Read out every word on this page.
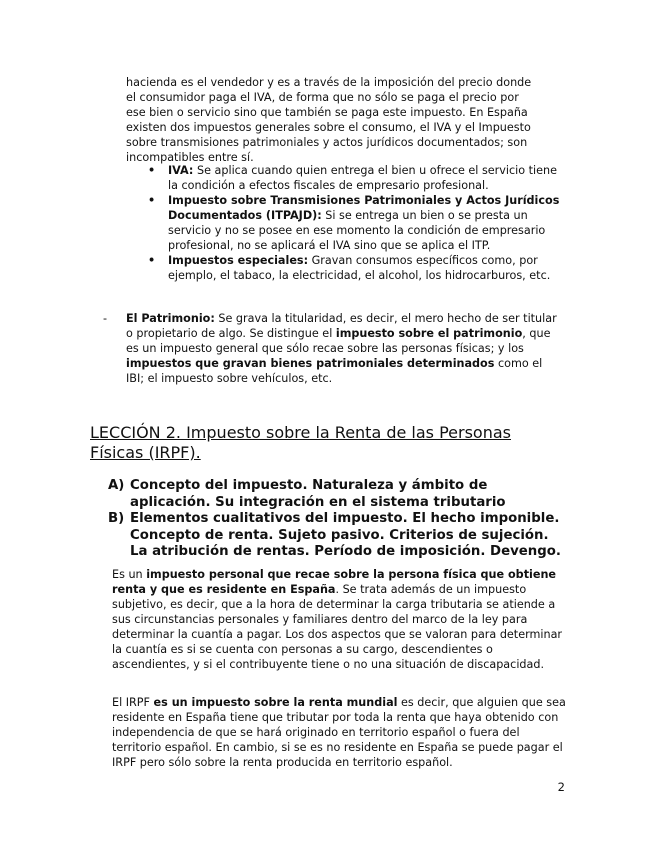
hacienda es el vendedor y es a través de la imposición del precio donde
el consumidor paga el IVA, de forma que no sólo se paga el precio por
ese bien o servicio sino que también se paga este impuesto. En España
existen dos impuestos generales sobre el consumo, el IVA y el Impuesto
sobre transmisiones patrimoniales y actos jurídicos documentados; son
incompatibles entre sí.
• IVA: Se aplica cuando quien entrega el bien u ofrece el servicio tiene la condición a efectos fiscales de empresario profesional.
• Impuesto sobre Transmisiones Patrimoniales y Actos Jurídicos Documentados (ITPAJD): Si se entrega un bien o se presta un servicio y no se posee en ese momento la condición de empresario profesional, no se aplicará el IVA sino que se aplica el ITP.
• Impuestos especiales: Gravan consumos específicos como, por ejemplo, el tabaco, la electricidad, el alcohol, los hidrocarburos, etc.
- El Patrimonio: Se grava la titularidad, es decir, el mero hecho de ser titular o propietario de algo. Se distingue el impuesto sobre el patrimonio, que es un impuesto general que sólo recae sobre las personas físicas; y los impuestos que gravan bienes patrimoniales determinados como el IBI; el impuesto sobre vehículos, etc.
LECCIÓN 2. Impuesto sobre la Renta de las Personas Físicas (IRPF).
A) Concepto del impuesto. Naturaleza y ámbito de aplicación. Su integración en el sistema tributario
B) Elementos cualitativos del impuesto. El hecho imponible. Concepto de renta. Sujeto pasivo. Criterios de sujeción. La atribución de rentas. Período de imposición. Devengo.
Es un impuesto personal que recae sobre la persona física que obtiene renta y que es residente en España. Se trata además de un impuesto subjetivo, es decir, que a la hora de determinar la carga tributaria se atiende a sus circunstancias personales y familiares dentro del marco de la ley para determinar la cuantía a pagar. Los dos aspectos que se valoran para determinar la cuantía es si se cuenta con personas a su cargo, descendientes o ascendientes, y si el contribuyente tiene o no una situación de discapacidad.
El IRPF es un impuesto sobre la renta mundial es decir, que alguien que sea residente en España tiene que tributar por toda la renta que haya obtenido con independencia de que se hará originado en territorio español o fuera del territorio español. En cambio, si se es no residente en España se puede pagar el IRPF pero sólo sobre la renta producida en territorio español.
2
